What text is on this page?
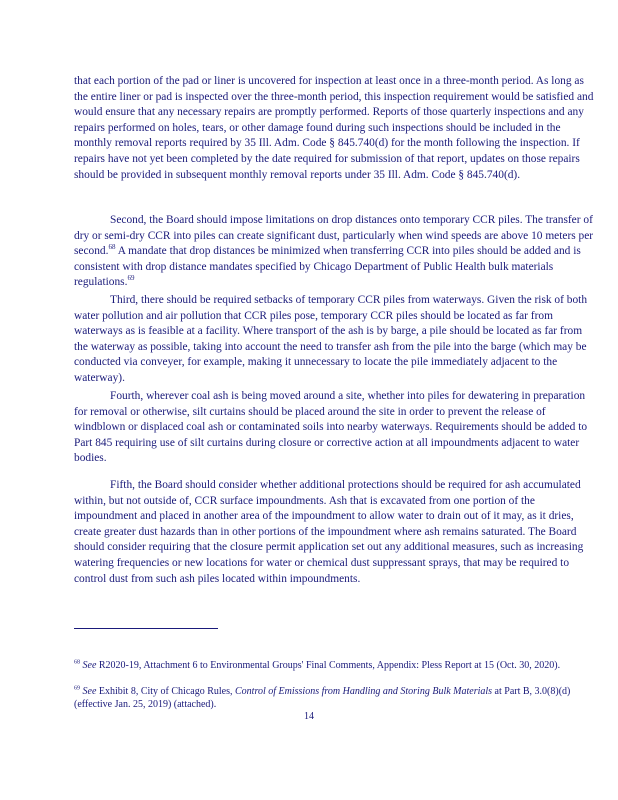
that each portion of the pad or liner is uncovered for inspection at least once in a three-month period. As long as the entire liner or pad is inspected over the three-month period, this inspection requirement would be satisfied and would ensure that any necessary repairs are promptly performed. Reports of those quarterly inspections and any repairs performed on holes, tears, or other damage found during such inspections should be included in the monthly removal reports required by 35 Ill. Adm. Code § 845.740(d) for the month following the inspection. If repairs have not yet been completed by the date required for submission of that report, updates on those repairs should be provided in subsequent monthly removal reports under 35 Ill. Adm. Code § 845.740(d).

Second, the Board should impose limitations on drop distances onto temporary CCR piles. The transfer of dry or semi-dry CCR into piles can create significant dust, particularly when wind speeds are above 10 meters per second.$^{68}$ A mandate that drop distances be minimized when transferring CCR into piles should be added and is consistent with drop distance mandates specified by Chicago Department of Public Health bulk materials regulations.$^{69}$

Third, there should be required setbacks of temporary CCR piles from waterways. Given the risk of both water pollution and air pollution that CCR piles pose, temporary CCR piles should be located as far from waterways as is feasible at a facility. Where transport of the ash is by barge, a pile should be located as far from the waterway as possible, taking into account the need to transfer ash from the pile into the barge (which may be conducted via conveyer, for example, making it unnecessary to locate the pile immediately adjacent to the waterway).

Fourth, wherever coal ash is being moved around a site, whether into piles for dewatering in preparation for removal or otherwise, silt curtains should be placed around the site in order to prevent the release of windblown or displaced coal ash or contaminated soils into nearby waterways. Requirements should be added to Part 845 requiring use of silt curtains during closure or corrective action at all impoundments adjacent to water bodies.

Fifth, the Board should consider whether additional protections should be required for ash accumulated within, but not outside of, CCR surface impoundments. Ash that is excavated from one portion of the impoundment and placed in another area of the impoundment to allow water to drain out of it may, as it dries, create greater dust hazards than in other portions of the impoundment where ash remains saturated. The Board should consider requiring that the closure permit application set out any additional measures, such as increasing watering frequencies or new locations for water or chemical dust suppressant sprays, that may be required to control dust from such ash piles located within impoundments.

$^{68}$ See R2020-19, Attachment 6 to Environmental Groups' Final Comments, Appendix: Pless Report at 15 (Oct. 30, 2020).

$^{69}$ See Exhibit 8, City of Chicago Rules, Control of Emissions from Handling and Storing Bulk Materials at Part B, 3.0(8)(d) (effective Jan. 25, 2019) (attached).

14
